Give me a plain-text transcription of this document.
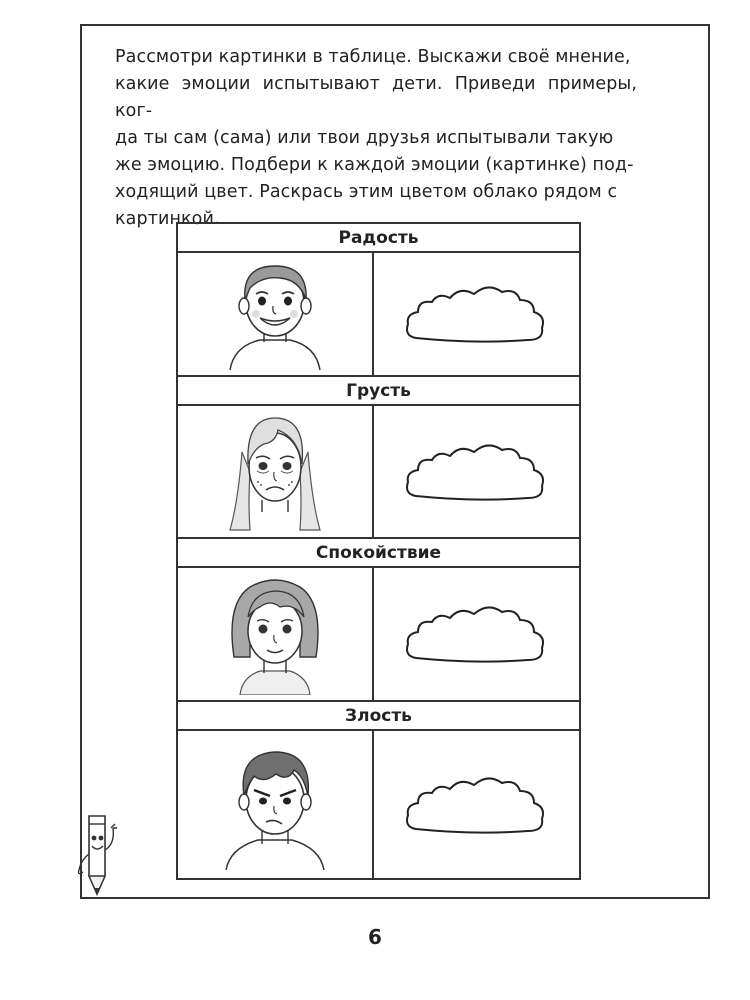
Рассмотри картинки в таблице. Выскажи своё мнение,
какие эмоции испытывают дети. Приведи примеры, ког-
да ты сам (сама) или твои друзья испытывали такую
же эмоцию. Подбери к каждой эмоции (картинке) под-
ходящий цвет. Раскрась этим цветом облако рядом с
картинкой.
Радость
Грусть
Спокойствие
Злость
6
